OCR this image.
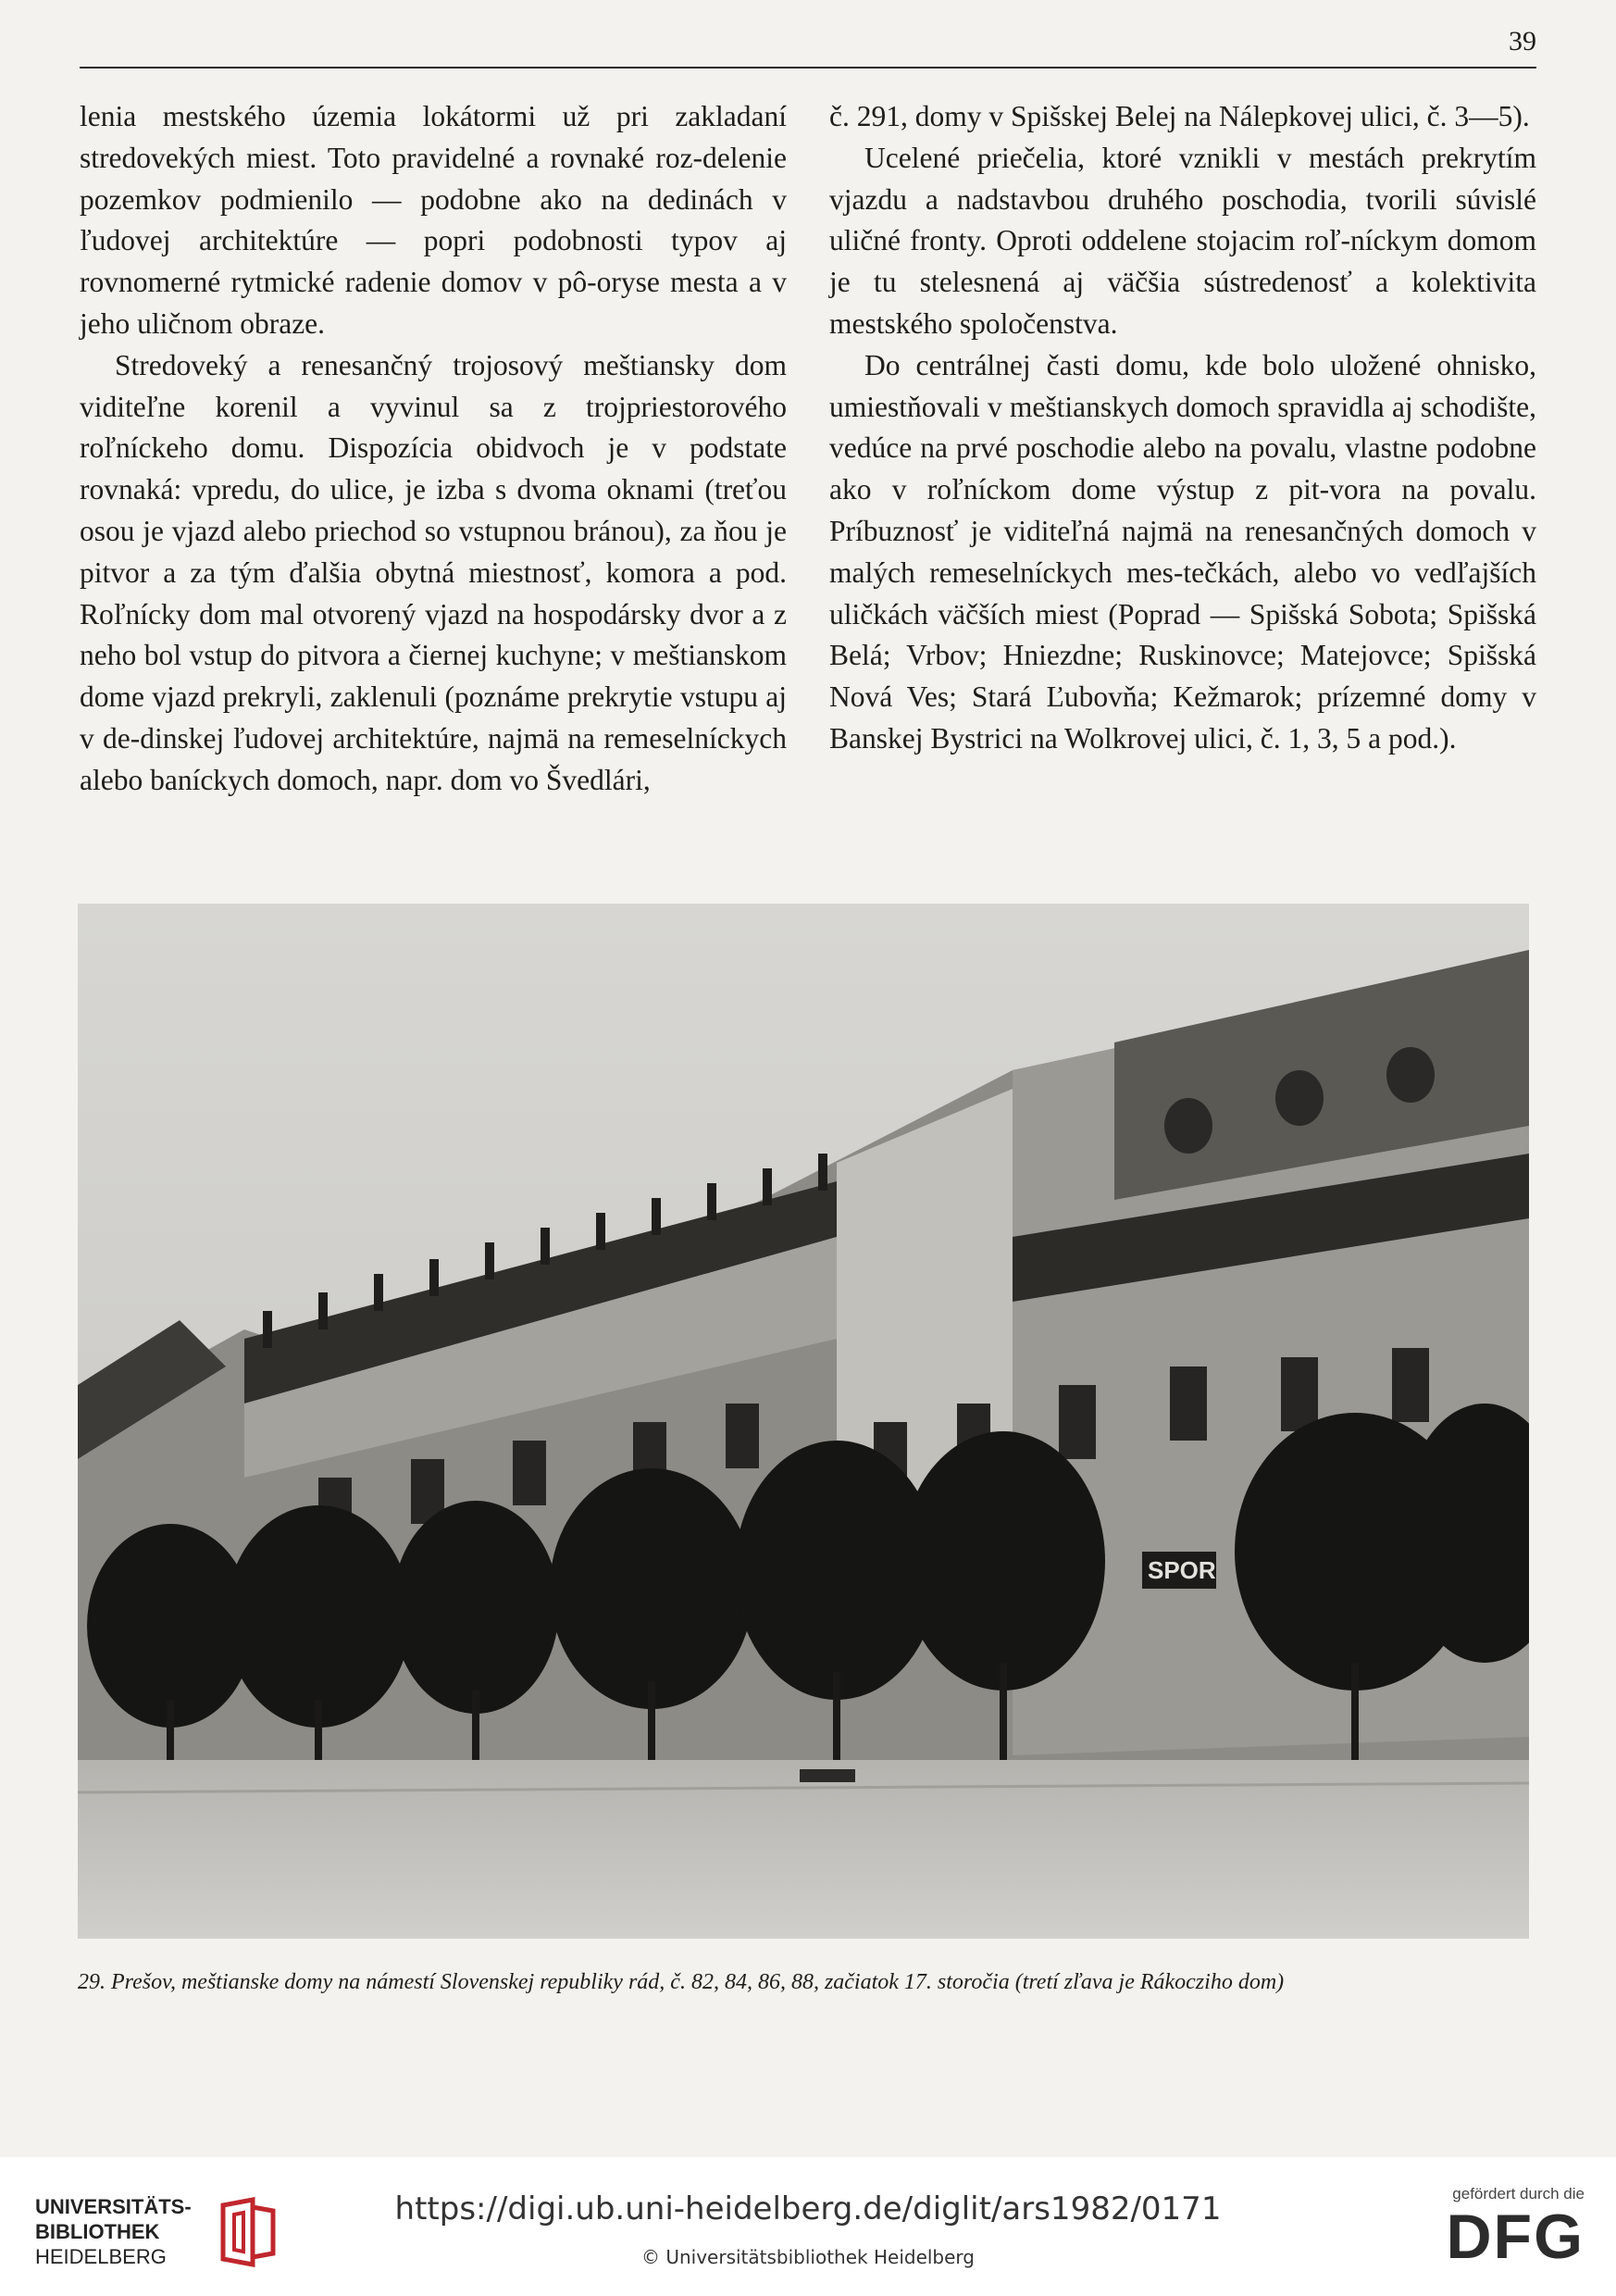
39

lenia mestského územia lokátormi už pri zakladaní stredovekých miest. Toto pravidelné a rovnaké roz-delenie pozemkov podmienilo — podobne ako na dedinách v ľudovej architektúre — popri podobnosti typov aj rovnomerné rytmické radenie domov v pô-oryse mesta a v jeho uličnom obraze.

Stredoveký a renesančný trojosový meštiansky dom viditeľne korenil a vyvinul sa z trojpriestorového roľníckeho domu. Dispozícia obidvoch je v podstate rovnaká: vpredu, do ulice, je izba s dvoma oknami (treťou osou je vjazd alebo priechod so vstupnou bránou), za ňou je pitvor a za tým ďalšia obytná miestnosť, komora a pod. Roľnícky dom mal otvorený vjazd na hospodársky dvor a z neho bol vstup do pitvora a čiernej kuchyne; v meštianskom dome vjazd prekryli, zaklenuli (poznáme prekrytie vstupu aj v de-dinskej ľudovej architektúre, najmä na remeselníckych alebo baníckych domoch, napr. dom vo Švedlári,

č. 291, domy v Spišskej Belej na Nálepkovej ulici, č. 3—5).

Ucelené priečelia, ktoré vznikli v mestách prekrytím vjazdu a nadstavbou druhého poschodia, tvorili súvislé uličné fronty. Oproti oddelene stojacim roľ-níckym domom je tu stelesnená aj väčšia sústredenosť a kolektivita mestského spoločenstva.

Do centrálnej časti domu, kde bolo uložené ohnisko, umiestňovali v meštianskych domoch spravidla aj schodište, vedúce na prvé poschodie alebo na povalu, vlastne podobne ako v roľníckom dome výstup z pit-vora na povalu. Príbuznosť je viditeľná najmä na renesančných domoch v malých remeselníckych mes-tečkách, alebo vo vedľajších uličkách väčších miest (Poprad — Spišská Sobota; Spišská Belá; Vrbov; Hniezdne; Ruskinovce; Matejovce; Spišská Nová Ves; Stará Ľubovňa; Kežmarok; prízemné domy v Banskej Bystrici na Wolkrovej ulici, č. 1, 3, 5 a pod.).

SPOR
29. Prešov, meštianske domy na námestí Slovenskej republiky rád, č. 82, 84, 86, 88, začiatok 17. storočia (tretí zľava je Rákocziho dom)
UNIVERSITÄTS-
BIBLIOTHEK
HEIDELBERG
https://digi.ub.uni-heidelberg.de/diglit/ars1982/0171
© Universitätsbibliothek Heidelberg
gefördert durch die
DFG
